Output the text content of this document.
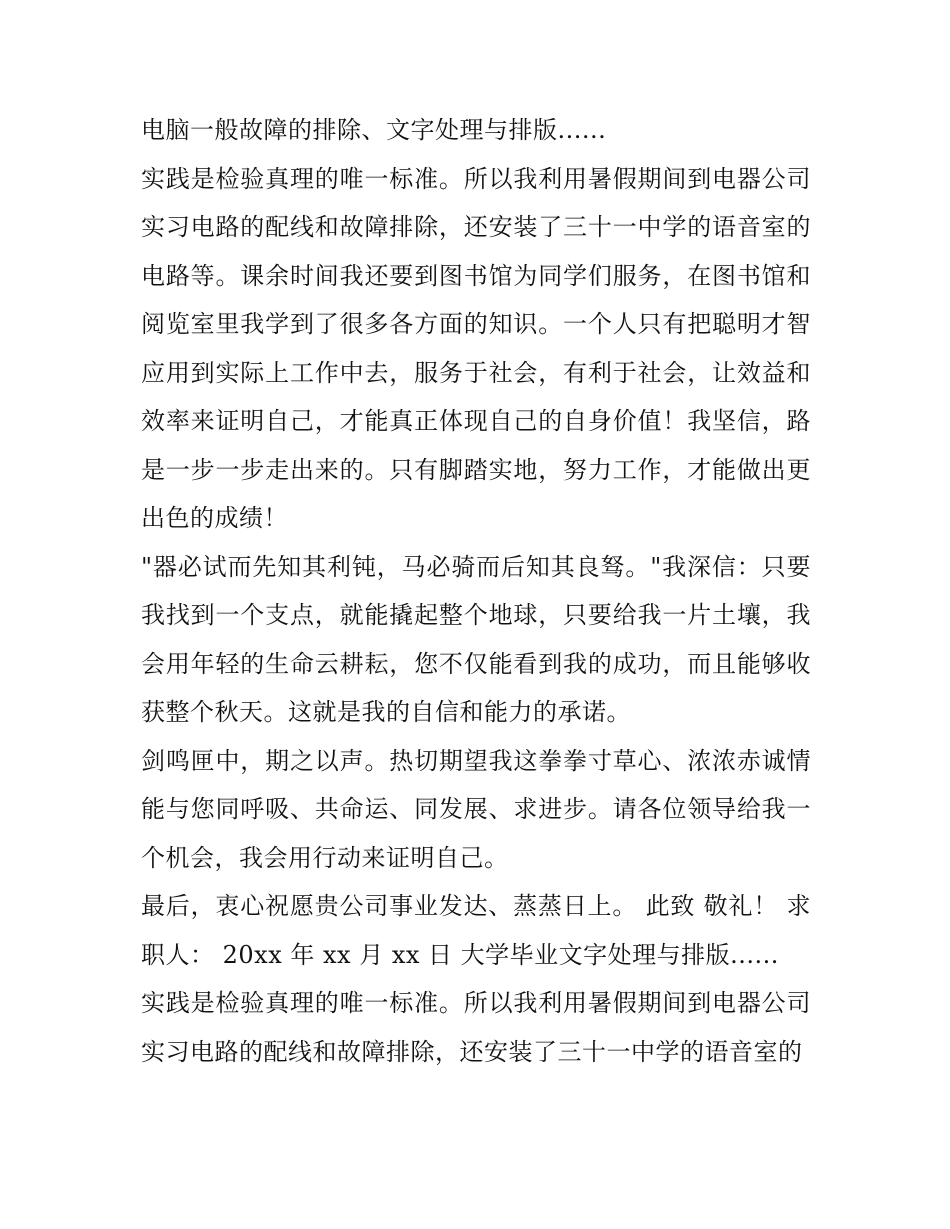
电脑一般故障的排除、文字处理与排版......

实践是检验真理的唯一标准。所以我利用暑假期间到电器公司实习电路的配线和故障排除，还安装了三十一中学的语音室的电路等。课余时间我还要到图书馆为同学们服务，在图书馆和阅览室里我学到了很多各方面的知识。一个人只有把聪明才智应用到实际上工作中去，服务于社会，有利于社会，让效益和效率来证明自己，才能真正体现自己的自身价值！我坚信，路是一步一步走出来的。只有脚踏实地，努力工作，才能做出更出色的成绩！

"器必试而先知其利钝，马必骑而后知其良驽。"我深信：只要我找到一个支点，就能撬起整个地球，只要给我一片土壤，我会用年轻的生命云耕耘，您不仅能看到我的成功，而且能够收获整个秋天。这就是我的自信和能力的承诺。

剑鸣匣中，期之以声。热切期望我这拳拳寸草心、浓浓赤诚情能与您同呼吸、共命运、同发展、求进步。请各位领导给我一个机会，我会用行动来证明自己。

最后，衷心祝愿贵公司事业发达、蒸蒸日上。 此致 敬礼！ 求职人： 20xx 年 xx 月 xx 日 大学毕业文字处理与排版......

实践是检验真理的唯一标准。所以我利用暑假期间到电器公司实习电路的配线和故障排除，还安装了三十一中学的语音室的
